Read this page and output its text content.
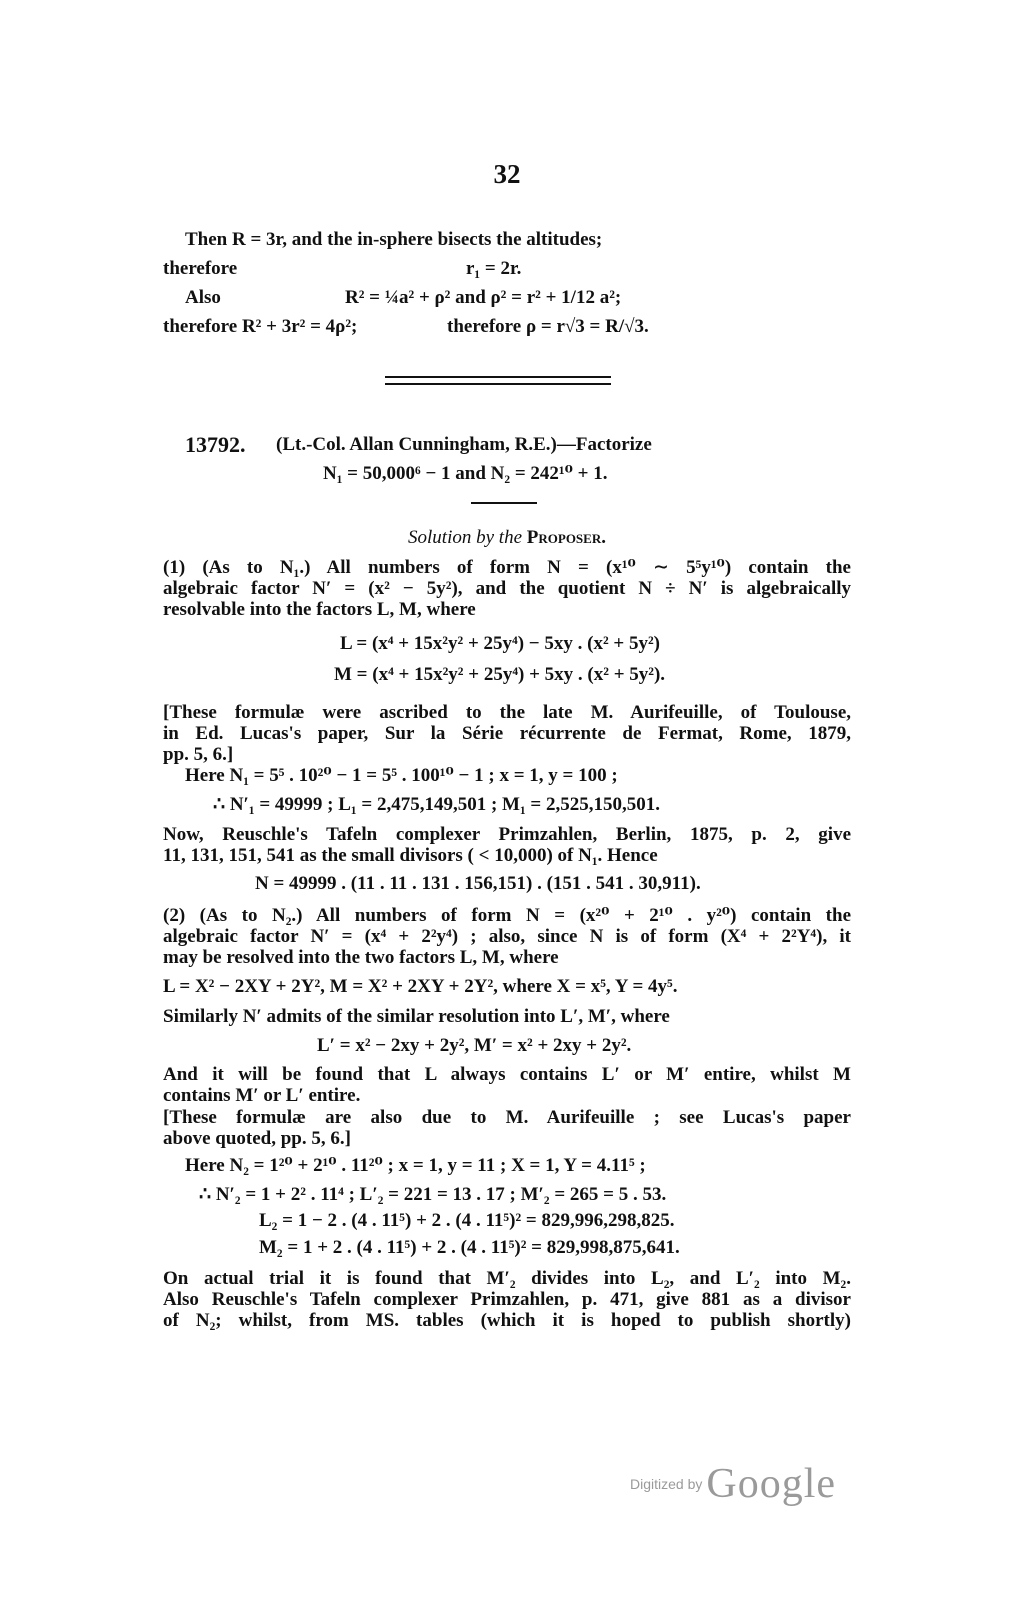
32
Then R = 3r, and the in-sphere bisects the altitudes;
therefore	r₁ = 2r.
Also	R² = ¼a² + ρ² and ρ² = r² + 1/12 a²;
therefore R² + 3r² = 4ρ²;	therefore ρ = r√3 = R/√3.
13792. (Lt.-Col. Allan Cunningham, R.E.)—Factorize
N₁ = 50,000⁶ − 1 and N₂ = 242¹⁰ + 1.
Solution by the Proposer.
(1) (As to N₁.) All numbers of form N = (x¹⁰ ∼ 5⁵y¹⁰) contain the
algebraic factor N′ = (x² − 5y²), and the quotient N ÷ N′ is algebraically
resolvable into the factors L, M, where
L = (x⁴ + 15x²y² + 25y⁴) − 5xy . (x² + 5y²)
M = (x⁴ + 15x²y² + 25y⁴) + 5xy . (x² + 5y²).
[These formulæ were ascribed to the late M. Aurifeuille, of Toulouse,
in Ed. Lucas's paper, Sur la Série récurrente de Fermat, Rome, 1879,
pp. 5, 6.]
Here N₁ = 5⁵ . 10²⁰ − 1 = 5⁵ . 100¹⁰ − 1 ; x = 1, y = 100 ;
∴ N′₁ = 49999 ; L₁ = 2,475,149,501 ; M₁ = 2,525,150,501.
Now, Reuschle's Tafeln complexer Primzahlen, Berlin, 1875, p. 2, give
11, 131, 151, 541 as the small divisors ( < 10,000) of N₁. Hence
N = 49999 . (11 . 11 . 131 . 156,151) . (151 . 541 . 30,911).
(2) (As to N₂.) All numbers of form N = (x²⁰ + 2¹⁰ . y²⁰) contain the
algebraic factor N′ = (x⁴ + 2²y⁴) ; also, since N is of form (X⁴ + 2²Y⁴), it
may be resolved into the two factors L, M, where
L = X² − 2XY + 2Y², M = X² + 2XY + 2Y², where X = x⁵, Y = 4y⁵.
Similarly N′ admits of the similar resolution into L′, M′, where
L′ = x² − 2xy + 2y², M′ = x² + 2xy + 2y².
And it will be found that L always contains L′ or M′ entire, whilst M
contains M′ or L′ entire.
[These formulæ are also due to M. Aurifeuille ; see Lucas's paper
above quoted, pp. 5, 6.]
Here N₂ = 1²⁰ + 2¹⁰ . 11²⁰ ; x = 1, y = 11 ; X = 1, Y = 4.11⁵ ;
∴ N′₂ = 1 + 2² . 11⁴ ; L′₂ = 221 = 13 . 17 ; M′₂ = 265 = 5 . 53.
L₂ = 1 − 2 . (4 . 11⁵) + 2 . (4 . 11⁵)² = 829,996,298,825.
M₂ = 1 + 2 . (4 . 11⁵) + 2 . (4 . 11⁵)² = 829,998,875,641.
On actual trial it is found that M′₂ divides into L₂, and L′₂ into M₂.
Also Reuschle's Tafeln complexer Primzahlen, p. 471, give 881 as a divisor
of N₂; whilst, from MS. tables (which it is hoped to publish shortly)
Digitized by Google
